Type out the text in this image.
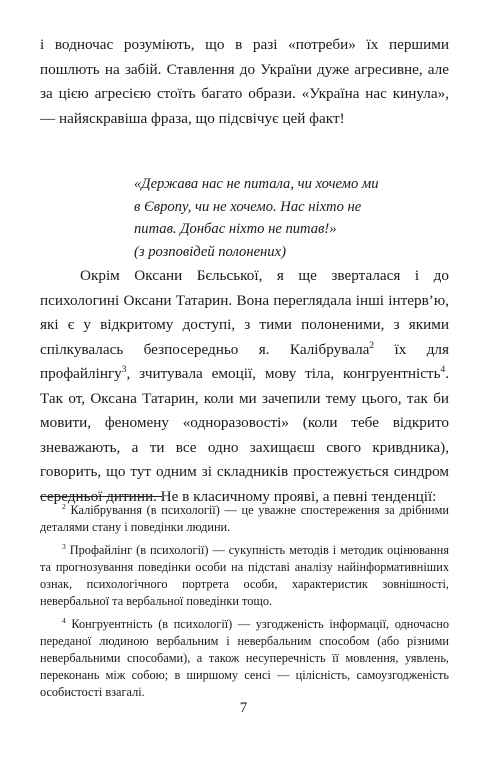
і водночас розуміють, що в разі «потреби» їх першими пошлють на забій. Ставлення до України дуже агресивне, але за цією агресією стоїть багато образи. «Україна нас кинула», — найяскравіша фраза, що підсвічує цей факт!

«Держава нас не питала, чи хочемо ми в Європу, чи не хочемо. Нас ніхто не питав. Донбас ніхто не питав!»

(з розповідей полонених)

Окрім Оксани Бєльської, я ще зверталася і до психологині Оксани Татарин. Вона переглядала інші інтерв’ю, які є у відкритому доступі, з тими полоненими, з якими спілкувалась безпосередньо я. Калібрувала$^2$ їх для профайлінгу$^3$, зчитувала емоції, мову тіла, конгруентність$^4$. Так от, Оксана Татарин, коли ми зачепили тему цього, так би мовити, феномену «одноразовості» (коли тебе відкрито зневажають, а ти все одно захищаєш свого кривдника), говорить, що тут одним зі складників простежується синдром середньої дитини. Не в класичному прояві, а певні тенденції:

$^2$ Калібрування (в психології) — це уважне спостереження за дрібними деталями стану і поведінки людини.

$^3$ Профайлінг (в психології) — сукупність методів і методик оцінювання та прогнозування поведінки особи на підставі аналізу найінформативніших ознак, психологічного портрета особи, характеристик зовнішності, невербальної та вербальної поведінки тощо.

$^4$ Конгруентність (в психології) — узгодженість інформації, одночасно переданої людиною вербальним і невербальним способом (або різними невербальними способами), а також несуперечність її мовлення, уявлень, переконань між собою; в ширшому сенсі — цілісність, самоузгодженість особистості взагалі.

7
